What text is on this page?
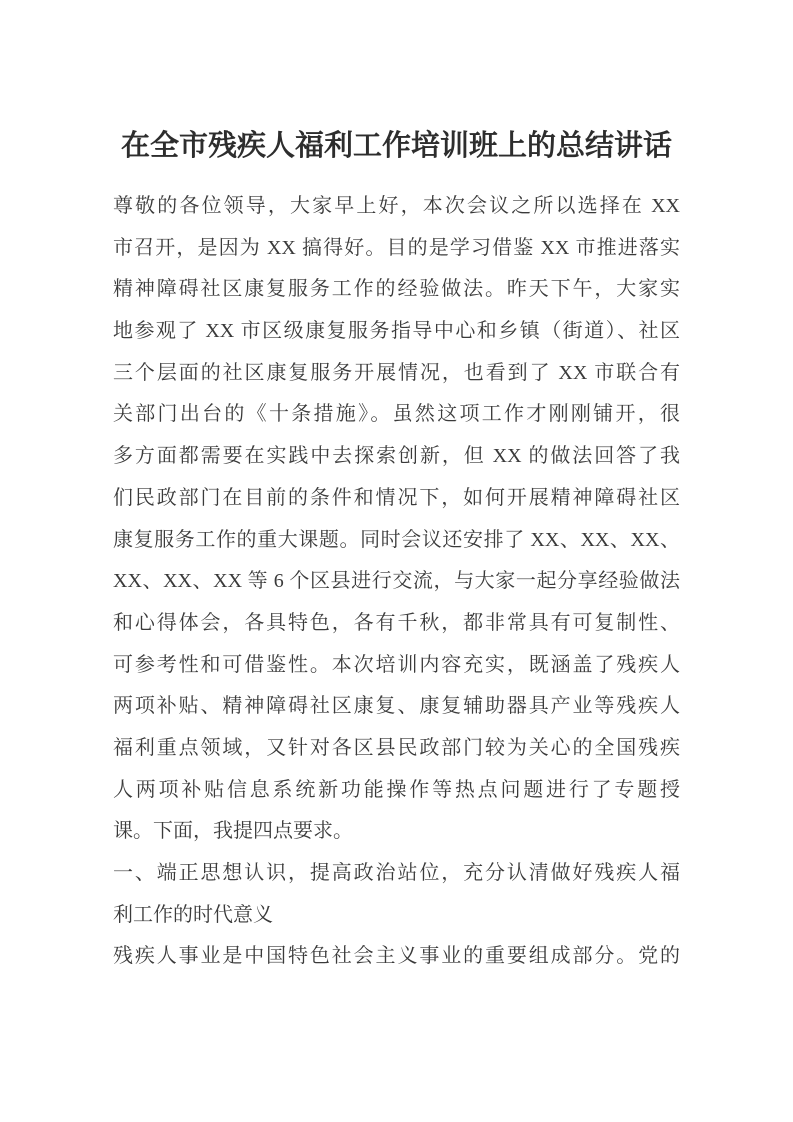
在全市残疾人福利工作培训班上的总结讲话
尊敬的各位领导，大家早上好，本次会议之所以选择在 XX
市召开，是因为 XX 搞得好。目的是学习借鉴 XX 市推进落实
精神障碍社区康复服务工作的经验做法。昨天下午，大家实
地参观了 XX 市区级康复服务指导中心和乡镇（街道）、社区
三个层面的社区康复服务开展情况，也看到了 XX 市联合有
关部门出台的《十条措施》。虽然这项工作才刚刚铺开，很
多方面都需要在实践中去探索创新，但 XX 的做法回答了我
们民政部门在目前的条件和情况下，如何开展精神障碍社区
康复服务工作的重大课题。同时会议还安排了 XX、XX、XX、
XX、XX、XX 等 6 个区县进行交流，与大家一起分享经验做法
和心得体会，各具特色，各有千秋，都非常具有可复制性、
可参考性和可借鉴性。本次培训内容充实，既涵盖了残疾人
两项补贴、精神障碍社区康复、康复辅助器具产业等残疾人
福利重点领域，又针对各区县民政部门较为关心的全国残疾
人两项补贴信息系统新功能操作等热点问题进行了专题授
课。下面，我提四点要求。
一、端正思想认识，提高政治站位，充分认清做好残疾人福
利工作的时代意义
残疾人事业是中国特色社会主义事业的重要组成部分。党的
